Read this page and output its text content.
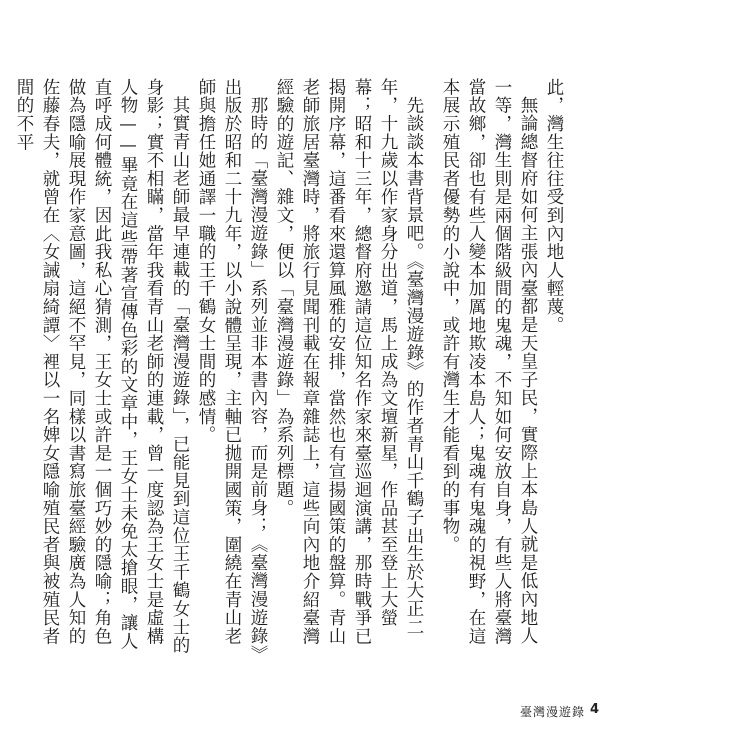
此，灣生往往受到內地人輕蔑。

無論總督府如何主張內臺都是天皇子民，實際上本島人就是低內地人一等，灣生則是兩個階級間的鬼魂，不知如何安放自身，有些人將臺灣當故鄉，卻也有些人變本加厲地欺凌本島人；鬼魂有鬼魂的視野，在這本展示殖民者優勢的小說中，或許有灣生才能看到的事物。

先談談本書背景吧。《臺灣漫遊錄》的作者青山千鶴子出生於大正二年，十九歲以作家身分出道，馬上成為文壇新星，作品甚至登上大螢幕；昭和十三年，總督府邀請這位知名作家來臺巡迴演講，那時戰爭已揭開序幕，這番看來還算風雅的安排，當然也有宣揚國策的盤算。青山老師旅居臺灣時，將旅行見聞刊載在報章雜誌上，這些向內地介紹臺灣經驗的遊記、雜文，便以「臺灣漫遊錄」為系列標題。

那時的「臺灣漫遊錄」系列並非本書內容，而是前身；《臺灣漫遊錄》出版於昭和二十九年，以小說體呈現，主軸已拋開國策，圍繞在青山老師與擔任她通譯一職的王千鶴女士間的感情。

其實青山老師最早連載的「臺灣漫遊錄」，已能見到這位王千鶴女士的身影；實不相瞞，當年我看青山老師的連載，曾一度認為王女士是虛構人物——畢竟在這些帶著宣傳色彩的文章中，王女士未免太搶眼，讓人直呼成何體統，因此我私心猜測，王女士或許是一個巧妙的隱喻；角色做為隱喻展現作家意圖，這絕不罕見，同樣以書寫旅臺經驗廣為人知的佐藤春夫，就曾在〈女誡扇綺譚〉裡以一名婢女隱喻殖民者與被殖民者間的不平

臺灣漫遊錄 4
